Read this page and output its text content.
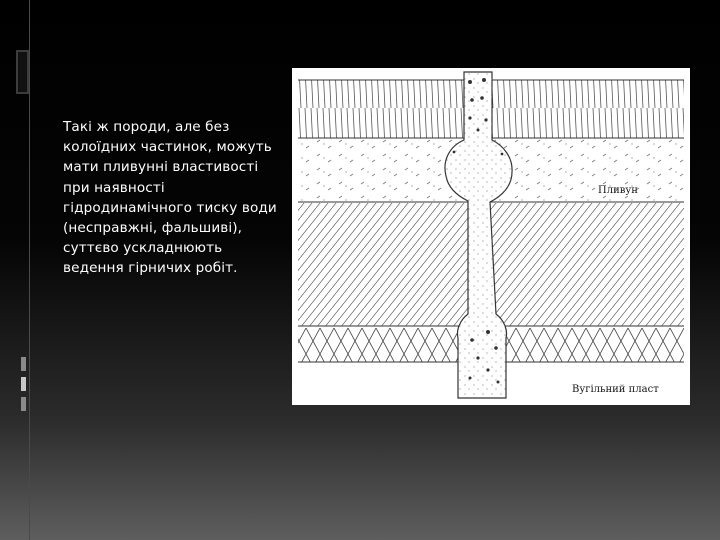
Такі ж породи, але без колоїдних частинок, можуть мати пливунні властивості при наявності гідродинамічного тиску води (несправжні, фальшиві), суттєво ускладнюють ведення гірничих робіт.
Пливун
Вугільний пласт
